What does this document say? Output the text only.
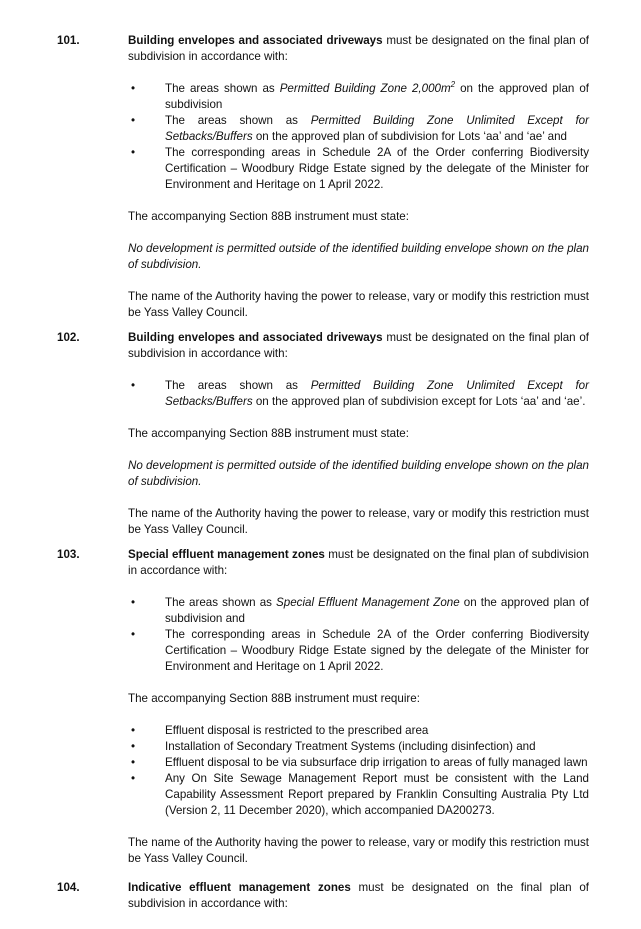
101.	Building envelopes and associated driveways must be designated on the final plan of subdivision in accordance with:

•	The areas shown as Permitted Building Zone $2,000m^2$ on the approved plan of subdivision
•	The areas shown as Permitted Building Zone Unlimited Except for Setbacks/Buffers on the approved plan of subdivision for Lots ‘aa’ and ‘ae’ and
•	The corresponding areas in Schedule 2A of the Order conferring Biodiversity Certification – Woodbury Ridge Estate signed by the delegate of the Minister for Environment and Heritage on 1 April 2022.

The accompanying Section 88B instrument must state:

No development is permitted outside of the identified building envelope shown on the plan of subdivision.

The name of the Authority having the power to release, vary or modify this restriction must be Yass Valley Council.

102.	Building envelopes and associated driveways must be designated on the final plan of subdivision in accordance with:

•	The areas shown as Permitted Building Zone Unlimited Except for Setbacks/Buffers on the approved plan of subdivision except for Lots ‘aa’ and ‘ae’.

The accompanying Section 88B instrument must state:

No development is permitted outside of the identified building envelope shown on the plan of subdivision.

The name of the Authority having the power to release, vary or modify this restriction must be Yass Valley Council.

103.	Special effluent management zones must be designated on the final plan of subdivision in accordance with:

•	The areas shown as Special Effluent Management Zone on the approved plan of subdivision and
•	The corresponding areas in Schedule 2A of the Order conferring Biodiversity Certification – Woodbury Ridge Estate signed by the delegate of the Minister for Environment and Heritage on 1 April 2022.

The accompanying Section 88B instrument must require:

•	Effluent disposal is restricted to the prescribed area
•	Installation of Secondary Treatment Systems (including disinfection) and
•	Effluent disposal to be via subsurface drip irrigation to areas of fully managed lawn
•	Any On Site Sewage Management Report must be consistent with the Land Capability Assessment Report prepared by Franklin Consulting Australia Pty Ltd (Version 2, 11 December 2020), which accompanied DA200273.

The name of the Authority having the power to release, vary or modify this restriction must be Yass Valley Council.

104.	Indicative effluent management zones must be designated on the final plan of subdivision in accordance with:
